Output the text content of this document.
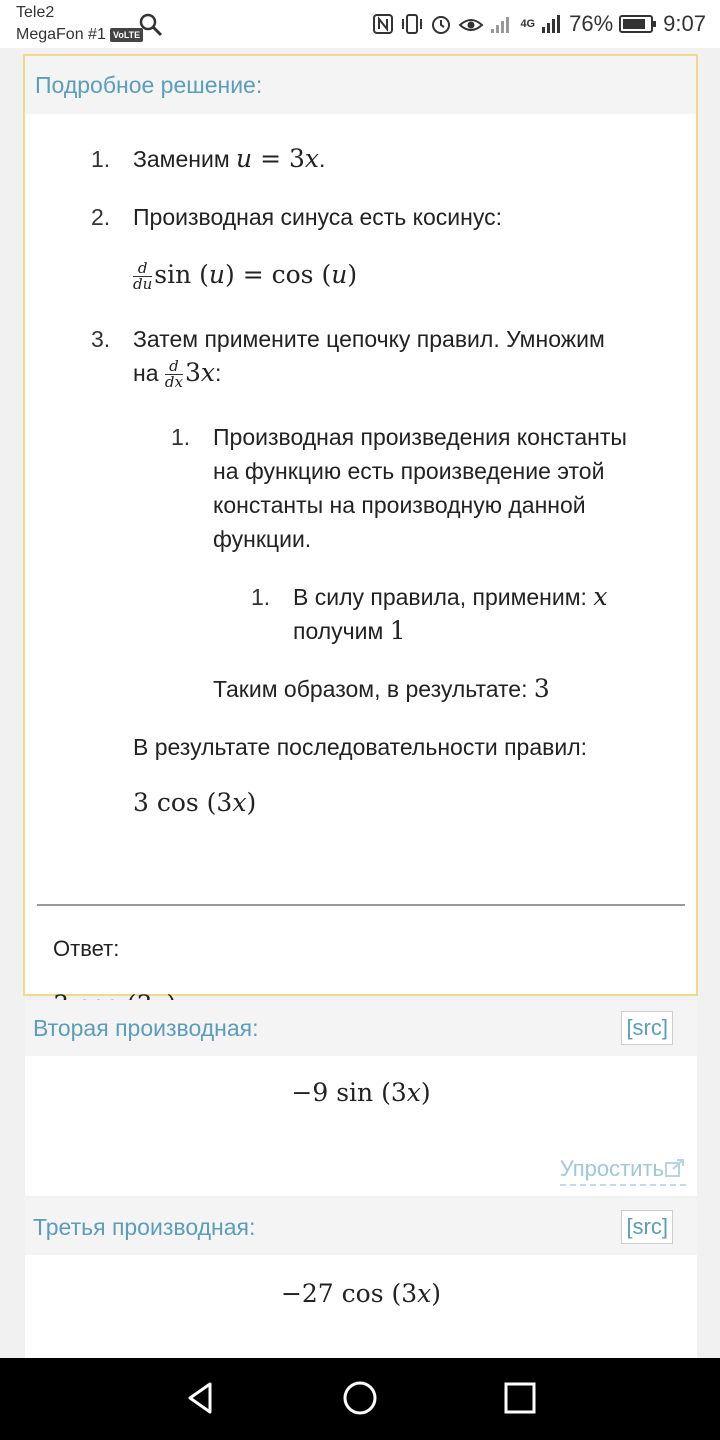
Tele2
MegaFon #1 VoLTE
4G 76% 9:07
Подробное решение:
1. Заменим u = 3x.
2. Производная синуса есть косинус:
$\frac{d}{du}$ sin (u) = cos (u)
3. Затем примените цепочку правил. Умножим
на $\frac{d}{dx} 3x$:
1. Производная произведения константы
на функцию есть произведение этой
константы на производную данной
функции.
1. В силу правила, применим: x
получим 1
Таким образом, в результате: 3
В результате последовательности правил:
3 cos (3x)
Ответ:
Вторая производная:	[src]
−9 sin (3x)
Упростить
Третья производная:	[src]
−27 cos (3x)
